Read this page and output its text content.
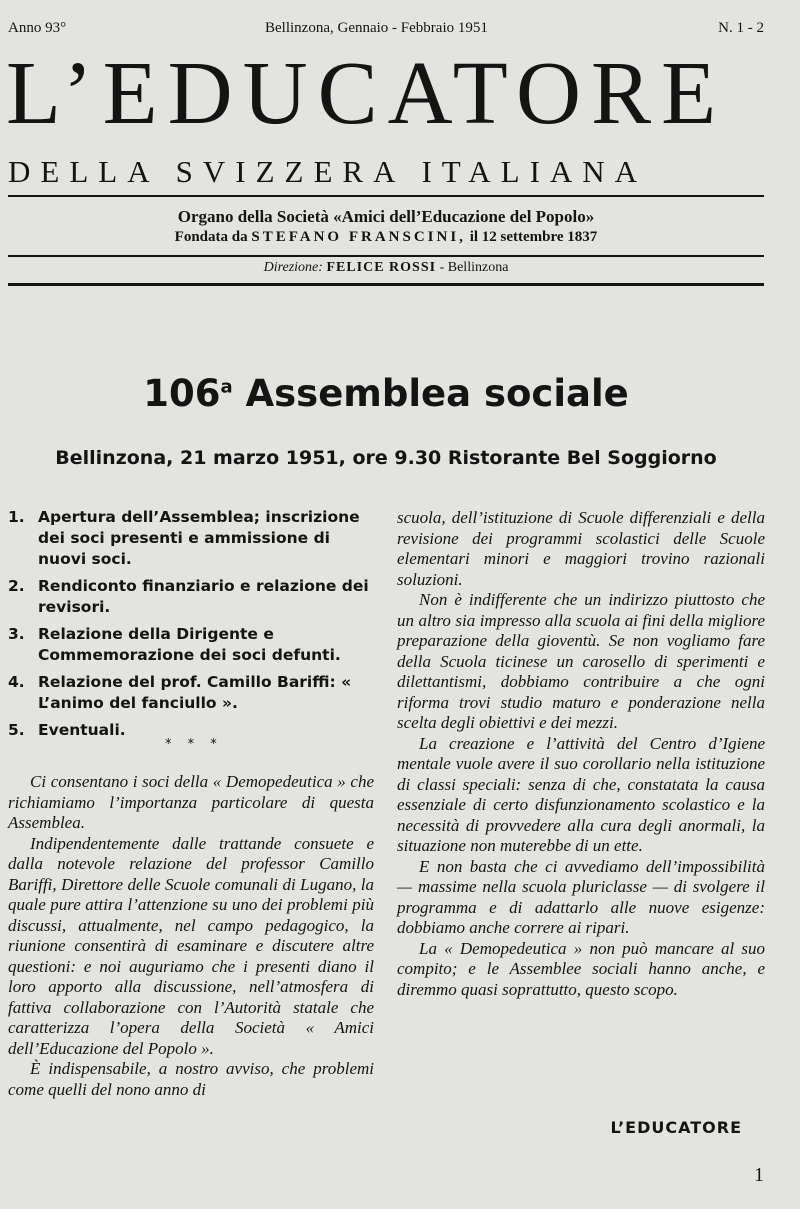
Anno 93°	Bellinzona, Gennaio - Febbraio 1951	N. 1 - 2
L’EDUCATORE
DELLA SVIZZERA ITALIANA
Organo della Società «Amici dell’Educazione del Popolo»
Fondata da STEFANO FRANSCINI, il 12 settembre 1837
Direzione: FELICE ROSSI - Bellinzona
106$^a$ Assemblea sociale
Bellinzona, 21 marzo 1951, ore 9.30 Ristorante Bel Soggiorno
1. Apertura dell’Assemblea; inscrizione dei soci presenti e ammissione di nuovi soci.
2. Rendiconto finanziario e relazione dei revisori.
3. Relazione della Dirigente e Commemorazione dei soci defunti.
4. Relazione del prof. Camillo Bariffi: « L’animo del fanciullo ».
5. Eventuali.
* * *

Ci consentano i soci della « Demopedeutica » che richiamiamo l’importanza particolare di questa Assemblea.

Indipendentemente dalle trattande consuete e dalla notevole relazione del professor Camillo Bariffi, Direttore delle Scuole comunali di Lugano, la quale pure attira l’attenzione su uno dei problemi più discussi, attualmente, nel campo pedagogico, la riunione consentirà di esaminare e discutere altre questioni: e noi auguriamo che i presenti diano il loro apporto alla discussione, nell’atmosfera di fattiva collaborazione con l’Autorità statale che caratterizza l’opera della Società « Amici dell’Educazione del Popolo ».

È indispensabile, a nostro avviso, che problemi come quelli del nono anno di

scuola, dell’istituzione di Scuole differenziali e della revisione dei programmi scolastici delle Scuole elementari minori e maggiori trovino razionali soluzioni.

Non è indifferente che un indirizzo piuttosto che un altro sia impresso alla scuola ai fini della migliore preparazione della gioventù. Se non vogliamo fare della Scuola ticinese un carosello di sperimenti e dilettantismi, dobbiamo contribuire a che ogni riforma trovi studio maturo e ponderazione nella scelta degli obiettivi e dei mezzi.

La creazione e l’attività del Centro d’Igiene mentale vuole avere il suo corollario nella istituzione di classi speciali: senza di che, constatata la causa essenziale di certo disfunzionamento scolastico e la necessità di provvedere alla cura degli anormali, la situazione non muterebbe di un ette.

E non basta che ci avvediamo dell’impossibilità — massime nella scuola pluriclasse — di svolgere il programma e di adattarlo alle nuove esigenze: dobbiamo anche correre ai ripari.

La « Demopedeutica » non può mancare al suo compito; e le Assemblee sociali hanno anche, e diremmo quasi soprattutto, questo scopo.

L’EDUCATORE
1
